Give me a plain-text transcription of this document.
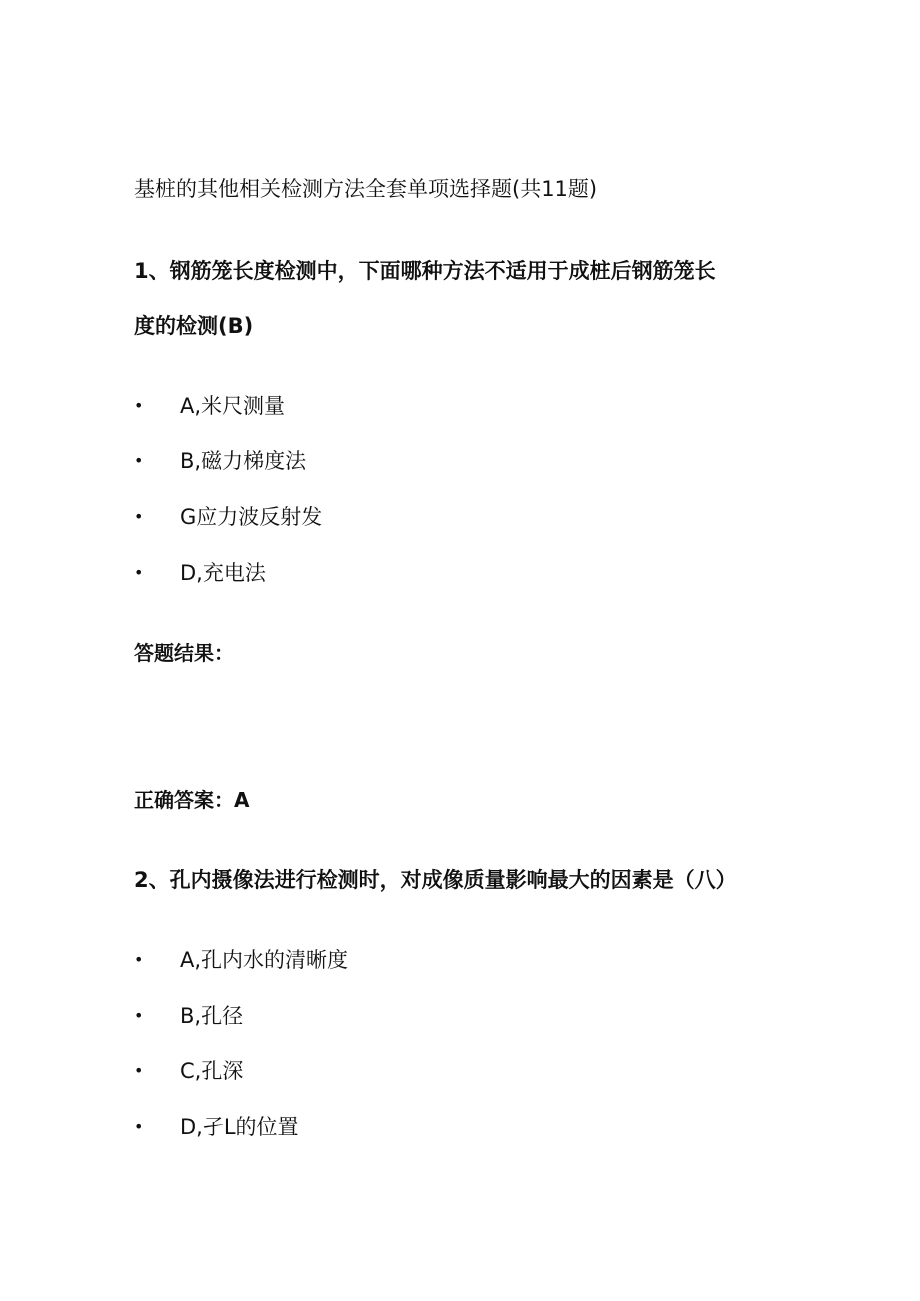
基桩的其他相关检测方法全套单项选择题(共11题)
1、钢筋笼长度检测中，下面哪种方法不适用于成桩后钢筋笼长
度的检测(B)
• A,米尺测量
• B,磁力梯度法
• G应力波反射发
• D,充电法
答题结果：
正确答案：A
2、孔内摄像法进行检测时，对成像质量影响最大的因素是（八）
• A,孔内水的清晰度
• B,孔径
• C,孔深
• D,孑L的位置
